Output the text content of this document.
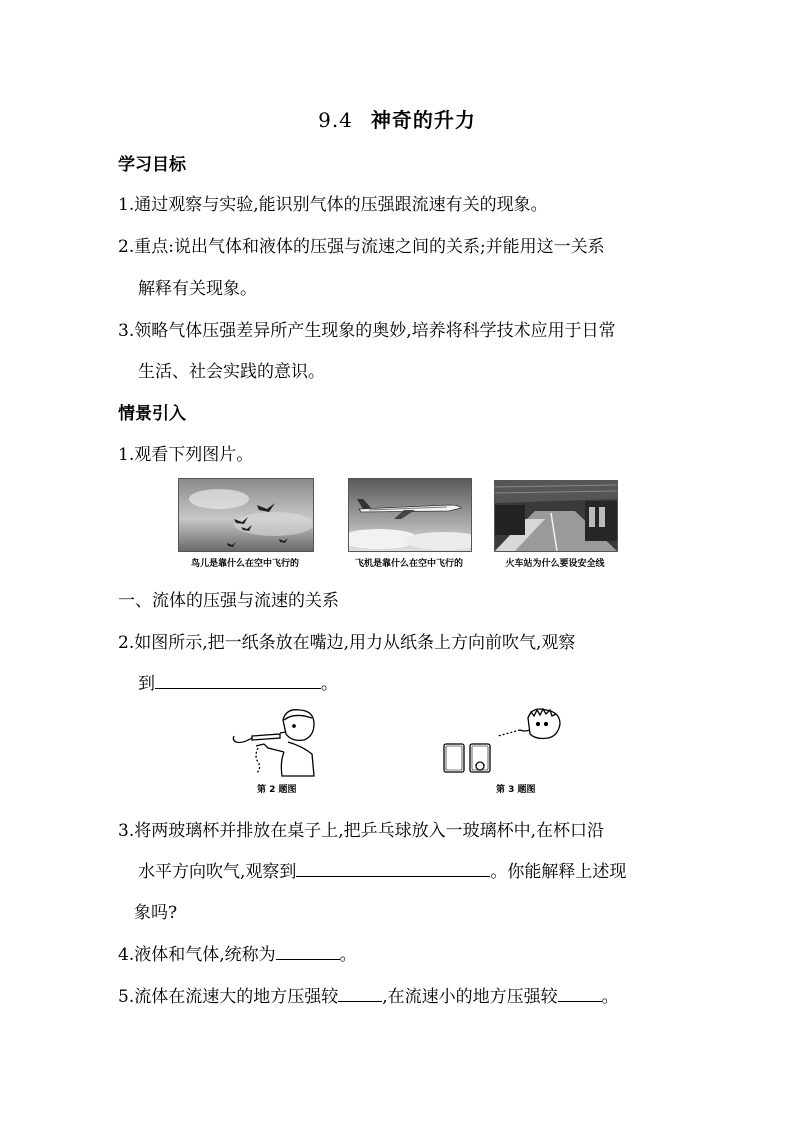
9.4 神奇的升力
学习目标
1.通过观察与实验,能识别气体的压强跟流速有关的现象。
2.重点:说出气体和液体的压强与流速之间的关系;并能用这一关系
解释有关现象。
3.领略气体压强差异所产生现象的奥妙,培养将科学技术应用于日常
生活、社会实践的意识。
情景引入
1.观看下列图片。
鸟儿是靠什么在空中飞行的	飞机是靠什么在空中飞行的	火车站为什么要设安全线
一、流体的压强与流速的关系
2.如图所示,把一纸条放在嘴边,用力从纸条上方向前吹气,观察
到	。
第 2 题图	第 3 题图
3.将两玻璃杯并排放在桌子上,把乒乓球放入一玻璃杯中,在杯口沿
水平方向吹气,观察到	。你能解释上述现
象吗?
4.液体和气体,统称为	。
5.流体在流速大的地方压强较	,在流速小的地方压强较	。
